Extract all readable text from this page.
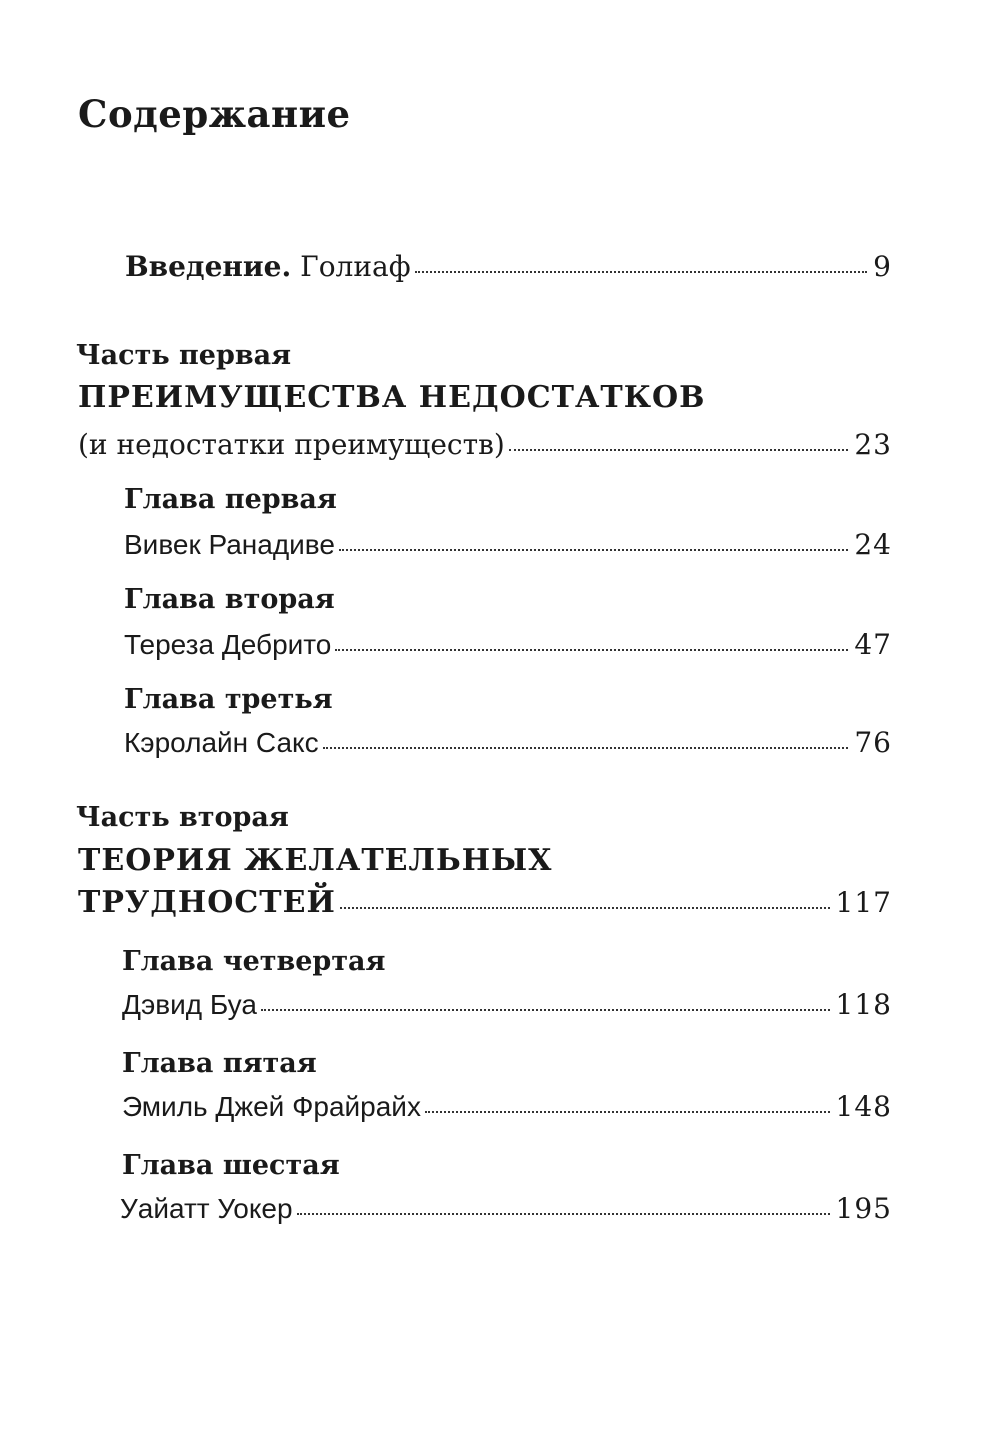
Содержание
Введение. Голиаф	9
Часть первая
ПРЕИМУЩЕСТВА НЕДОСТАТКОВ
(и недостатки преимуществ)	23
Глава первая
Вивек Ранадиве	24
Глава вторая
Тереза Дебрито	47
Глава третья
Кэролайн Сакс	76
Часть вторая
ТЕОРИЯ ЖЕЛАТЕЛЬНЫХ
ТРУДНОСТЕЙ	117
Глава четвертая
Дэвид Буа	118
Глава пятая
Эмиль Джей Фрайрайх	148
Глава шестая
Уайатт Уокер	195
